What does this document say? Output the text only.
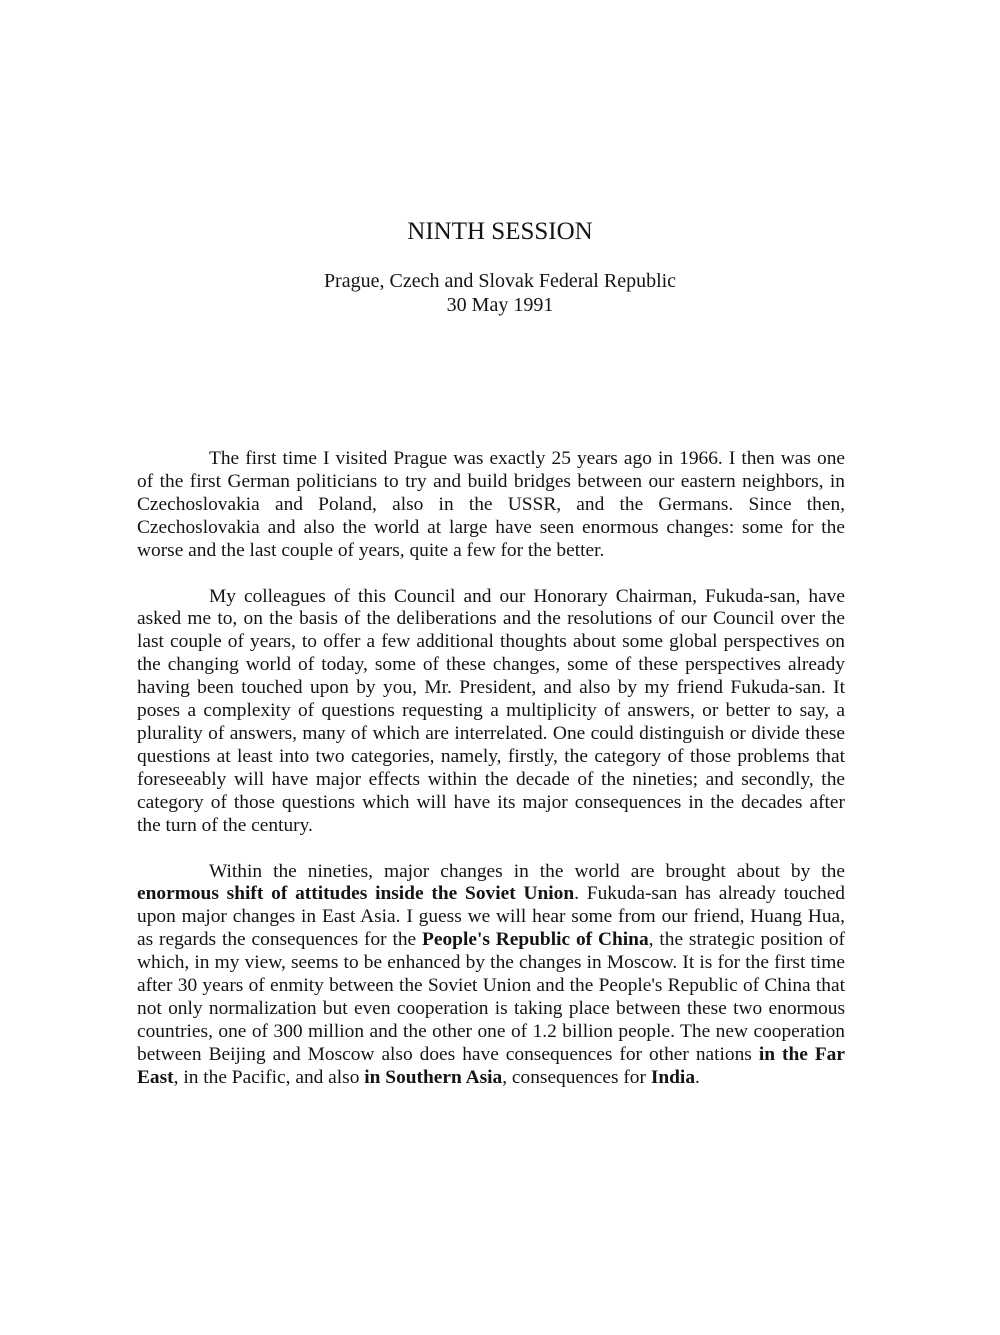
NINTH SESSION
Prague, Czech and Slovak Federal Republic
30 May 1991

The first time I visited Prague was exactly 25 years ago in 1966. I then was one of the first German politicians to try and build bridges between our eastern neighbors, in Czechoslovakia and Poland, also in the USSR, and the Germans. Since then, Czechoslovakia and also the world at large have seen enormous changes: some for the worse and the last couple of years, quite a few for the better.

My colleagues of this Council and our Honorary Chairman, Fukuda-san, have asked me to, on the basis of the deliberations and the resolutions of our Council over the last couple of years, to offer a few additional thoughts about some global perspectives on the changing world of today, some of these changes, some of these perspectives already having been touched upon by you, Mr. President, and also by my friend Fukuda-san. It poses a complexity of questions requesting a multiplicity of answers, or better to say, a plurality of answers, many of which are interrelated. One could distinguish or divide these questions at least into two categories, namely, firstly, the category of those problems that foreseeably will have major effects within the decade of the nineties; and secondly, the category of those questions which will have its major consequences in the decades after the turn of the century.

Within the nineties, major changes in the world are brought about by the enormous shift of attitudes inside the Soviet Union. Fukuda-san has already touched upon major changes in East Asia. I guess we will hear some from our friend, Huang Hua, as regards the consequences for the People's Republic of China, the strategic position of which, in my view, seems to be enhanced by the changes in Moscow. It is for the first time after 30 years of enmity between the Soviet Union and the People's Republic of China that not only normalization but even cooperation is taking place between these two enormous countries, one of 300 million and the other one of 1.2 billion people. The new cooperation between Beijing and Moscow also does have consequences for other nations in the Far East, in the Pacific, and also in Southern Asia, consequences for India.
